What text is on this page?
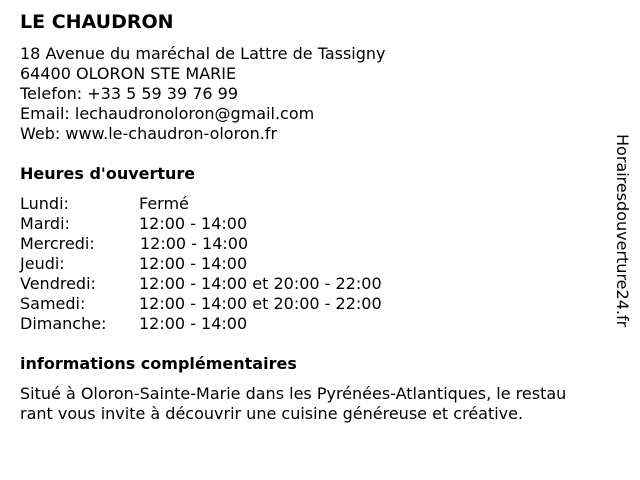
LE CHAUDRON
18 Avenue du maréchal de Lattre de Tassigny
64400 OLORON STE MARIE
Telefon: +33 5 59 39 76 99
Email: lechaudronoloron@gmail.com
Web: www.le-chaudron-oloron.fr
Heures d'ouverture
Lundi:	Fermé
Mardi:	12:00 - 14:00
Mercredi:	12:00 - 14:00
Jeudi:	12:00 - 14:00
Vendredi:	12:00 - 14:00 et 20:00 - 22:00
Samedi:	12:00 - 14:00 et 20:00 - 22:00
Dimanche: 12:00 - 14:00
informations complémentaires
Situé à Oloron-Sainte-Marie dans les Pyrénées-Atlantiques, le restau
rant vous invite à découvrir une cuisine généreuse et créative.
Horairesdouverture24.fr
